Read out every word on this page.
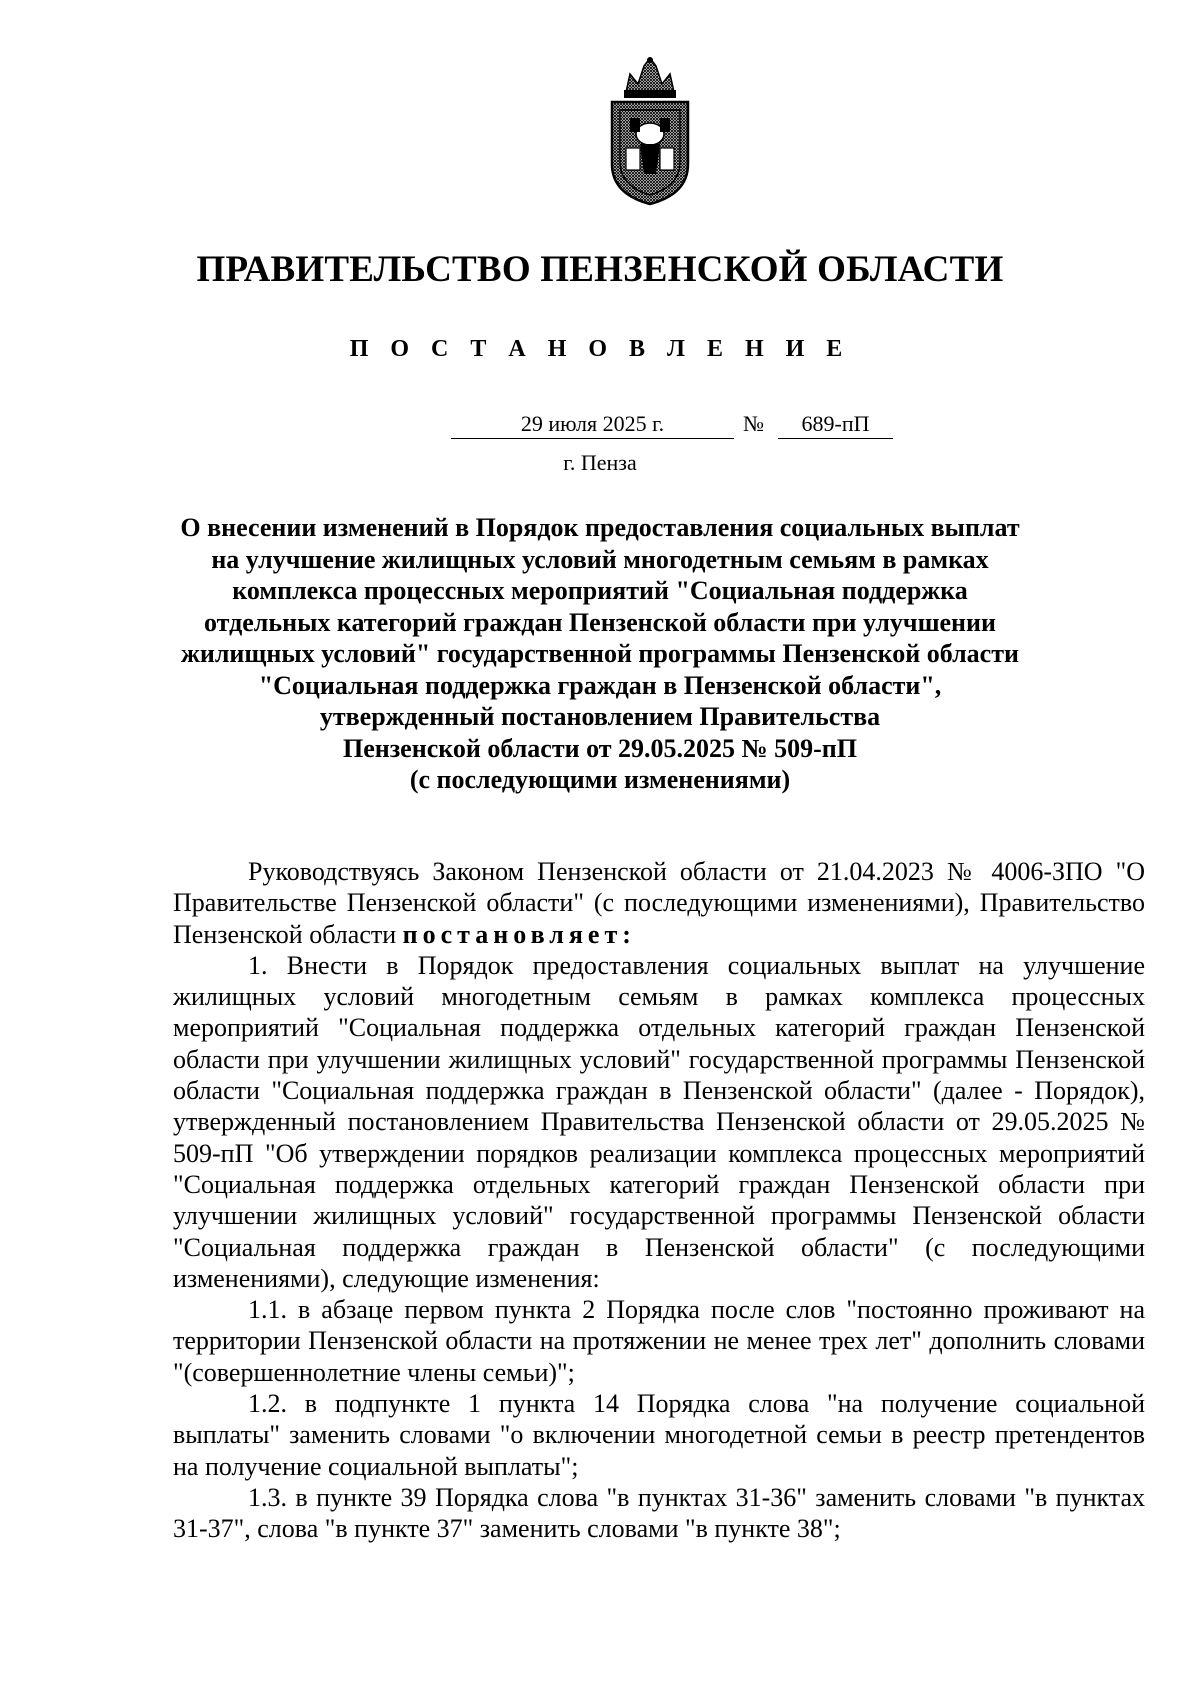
ПРАВИТЕЛЬСТВО ПЕНЗЕНСКОЙ ОБЛАСТИ
П О С Т А Н О В Л Е Н И Е
29 июля 2025 г.	№	689-пП
г. Пенза
О внесении изменений в Порядок предоставления социальных выплат
на улучшение жилищных условий многодетным семьям в рамках
комплекса процессных мероприятий "Социальная поддержка
отдельных категорий граждан Пензенской области при улучшении
жилищных условий" государственной программы Пензенской области
"Социальная поддержка граждан в Пензенской области",
утвержденный постановлением Правительства
Пензенской области от 29.05.2025 № 509-пП
(с последующими изменениями)

Руководствуясь Законом Пензенской области от 21.04.2023 № 4006-ЗПО "О Правительстве Пензенской области" (с последующими изменениями), Правительство Пензенской области постановляет:

1. Внести в Порядок предоставления социальных выплат на улучшение жилищных условий многодетным семьям в рамках комплекса процессных мероприятий "Социальная поддержка отдельных категорий граждан Пензенской области при улучшении жилищных условий" государственной программы Пензенской области "Социальная поддержка граждан в Пензенской области" (далее - Порядок), утвержденный постановлением Правительства Пензенской области от 29.05.2025 № 509-пП "Об утверждении порядков реализации комплекса процессных мероприятий "Социальная поддержка отдельных категорий граждан Пензенской области при улучшении жилищных условий" государственной программы Пензенской области "Социальная поддержка граждан в Пензенской области" (с последующими изменениями), следующие изменения:

1.1. в абзаце первом пункта 2 Порядка после слов "постоянно проживают на территории Пензенской области на протяжении не менее трех лет" дополнить словами "(совершеннолетние члены семьи)";

1.2. в подпункте 1 пункта 14 Порядка слова "на получение социальной выплаты" заменить словами "о включении многодетной семьи в реестр претендентов на получение социальной выплаты";

1.3. в пункте 39 Порядка слова "в пунктах 31-36" заменить словами "в пунктах 31-37", слова "в пункте 37" заменить словами "в пункте 38";
